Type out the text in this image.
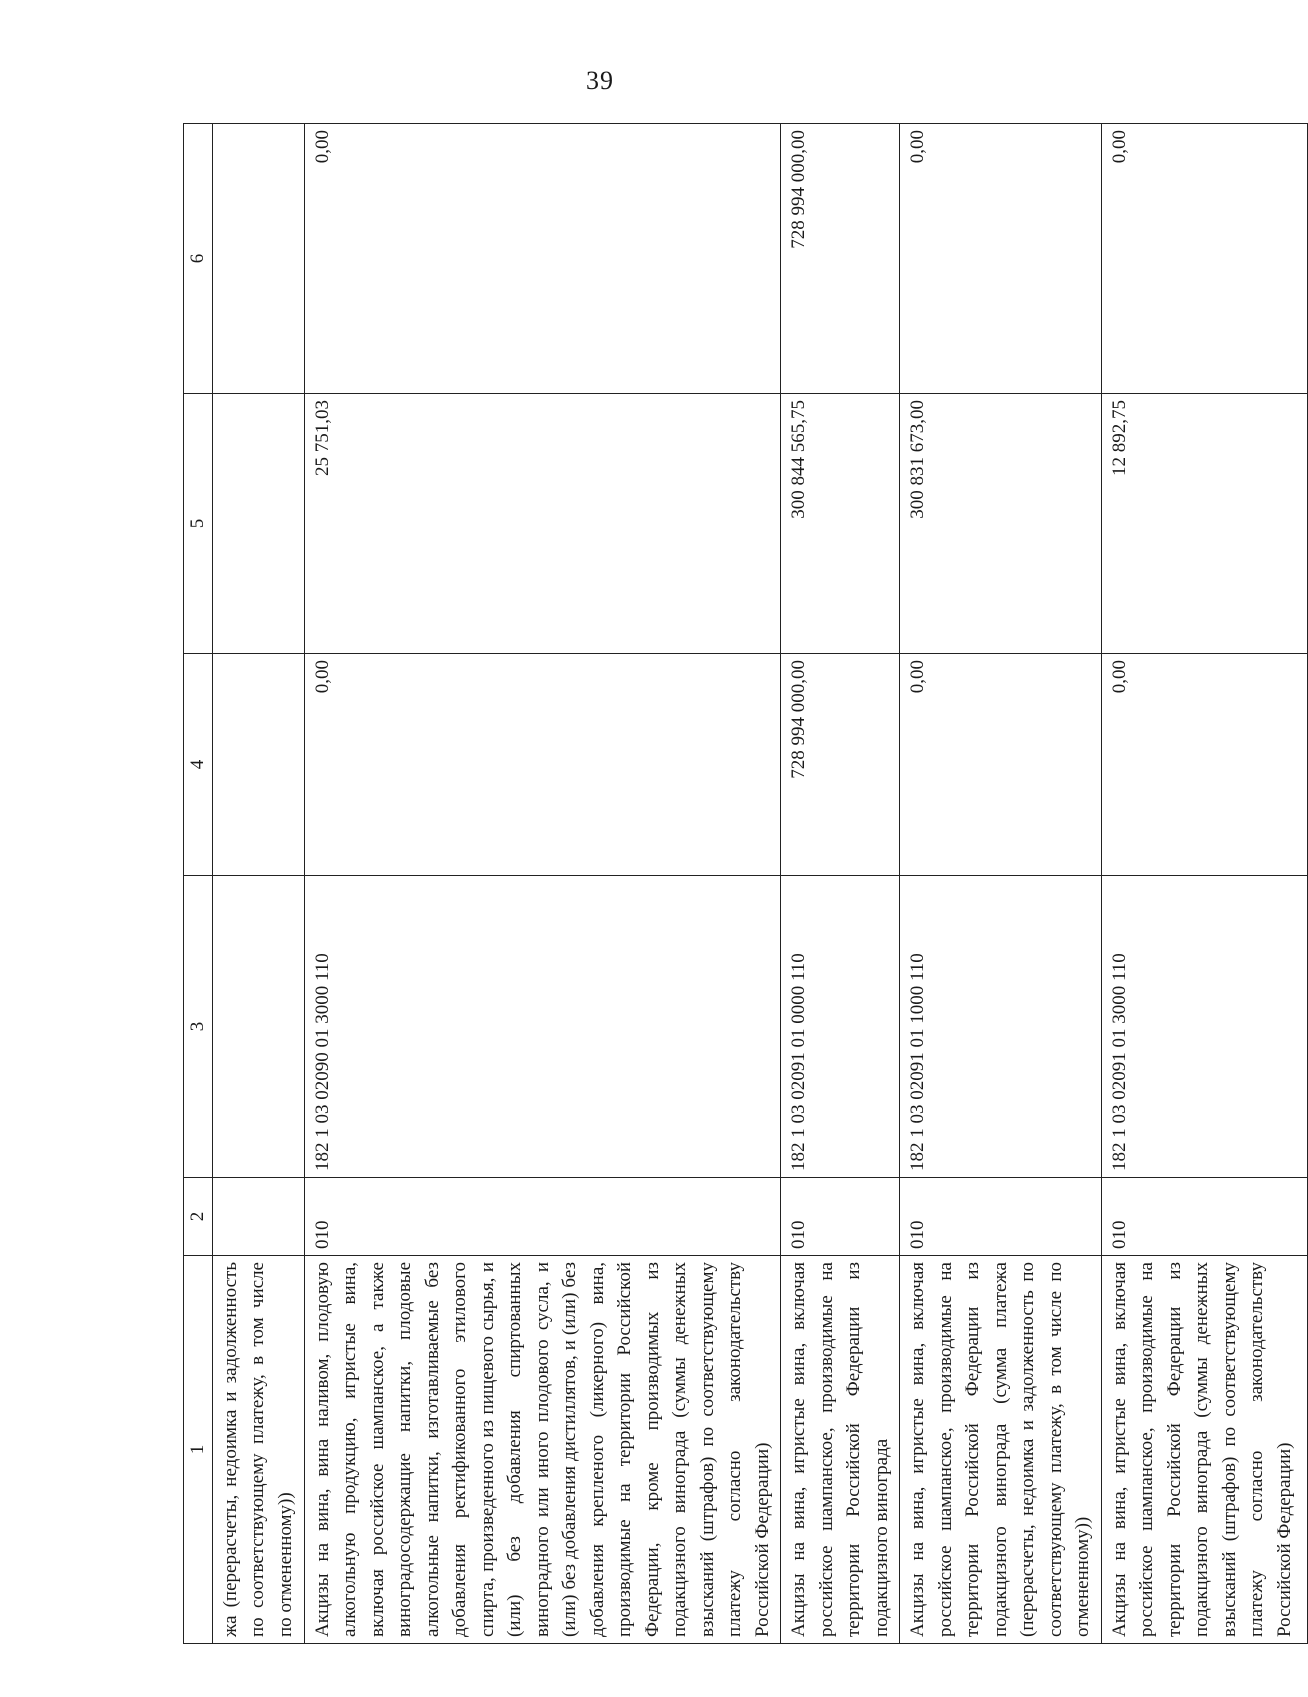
39
1	2	3	4	5	6
жа (перерасчеты, недоимка и задолженность по соответствующему платежу, в том числе по отмененному))					
Акцизы на вина, вина наливом, плодовую алкогольную продукцию, игристые вина, включая российское шампанское, а также виноградосодержащие напитки, плодовые алкогольные напитки, изготавливаемые без добавления ректификованного этилового спирта, произведенного из пищевого сырья, и (или) без добавления спиртованных виноградного или иного плодового сусла, и (или) без добавления дистиллятов, и (или) без добавления крепленого (ликерного) вина, производимые на территории Российской Федерации, кроме производимых из подакцизного винограда (суммы денежных взысканий (штрафов) по соответствующему платежу согласно законодательству Российской Федерации)	010	182 1 03 02090 01 3000 110	0,00	25 751,03	0,00
Акцизы на вина, игристые вина, включая российское шампанское, производимые на территории Российской Федерации из подакцизного винограда	010	182 1 03 02091 01 0000 110	728 994 000,00	300 844 565,75	728 994 000,00
Акцизы на вина, игристые вина, включая российское шампанское, производимые на территории Российской Федерации из подакцизного винограда (сумма платежа (перерасчеты, недоимка и задолженность по соответствующему платежу, в том числе по отмененному))	010	182 1 03 02091 01 1000 110	0,00	300 831 673,00	0,00
Акцизы на вина, игристые вина, включая российское шампанское, производимые на территории Российской Федерации из подакцизного винограда (суммы денежных взысканий (штрафов) по соответствующему платежу согласно законодательству Российской Федерации)	010	182 1 03 02091 01 3000 110	0,00	12 892,75	0,00
